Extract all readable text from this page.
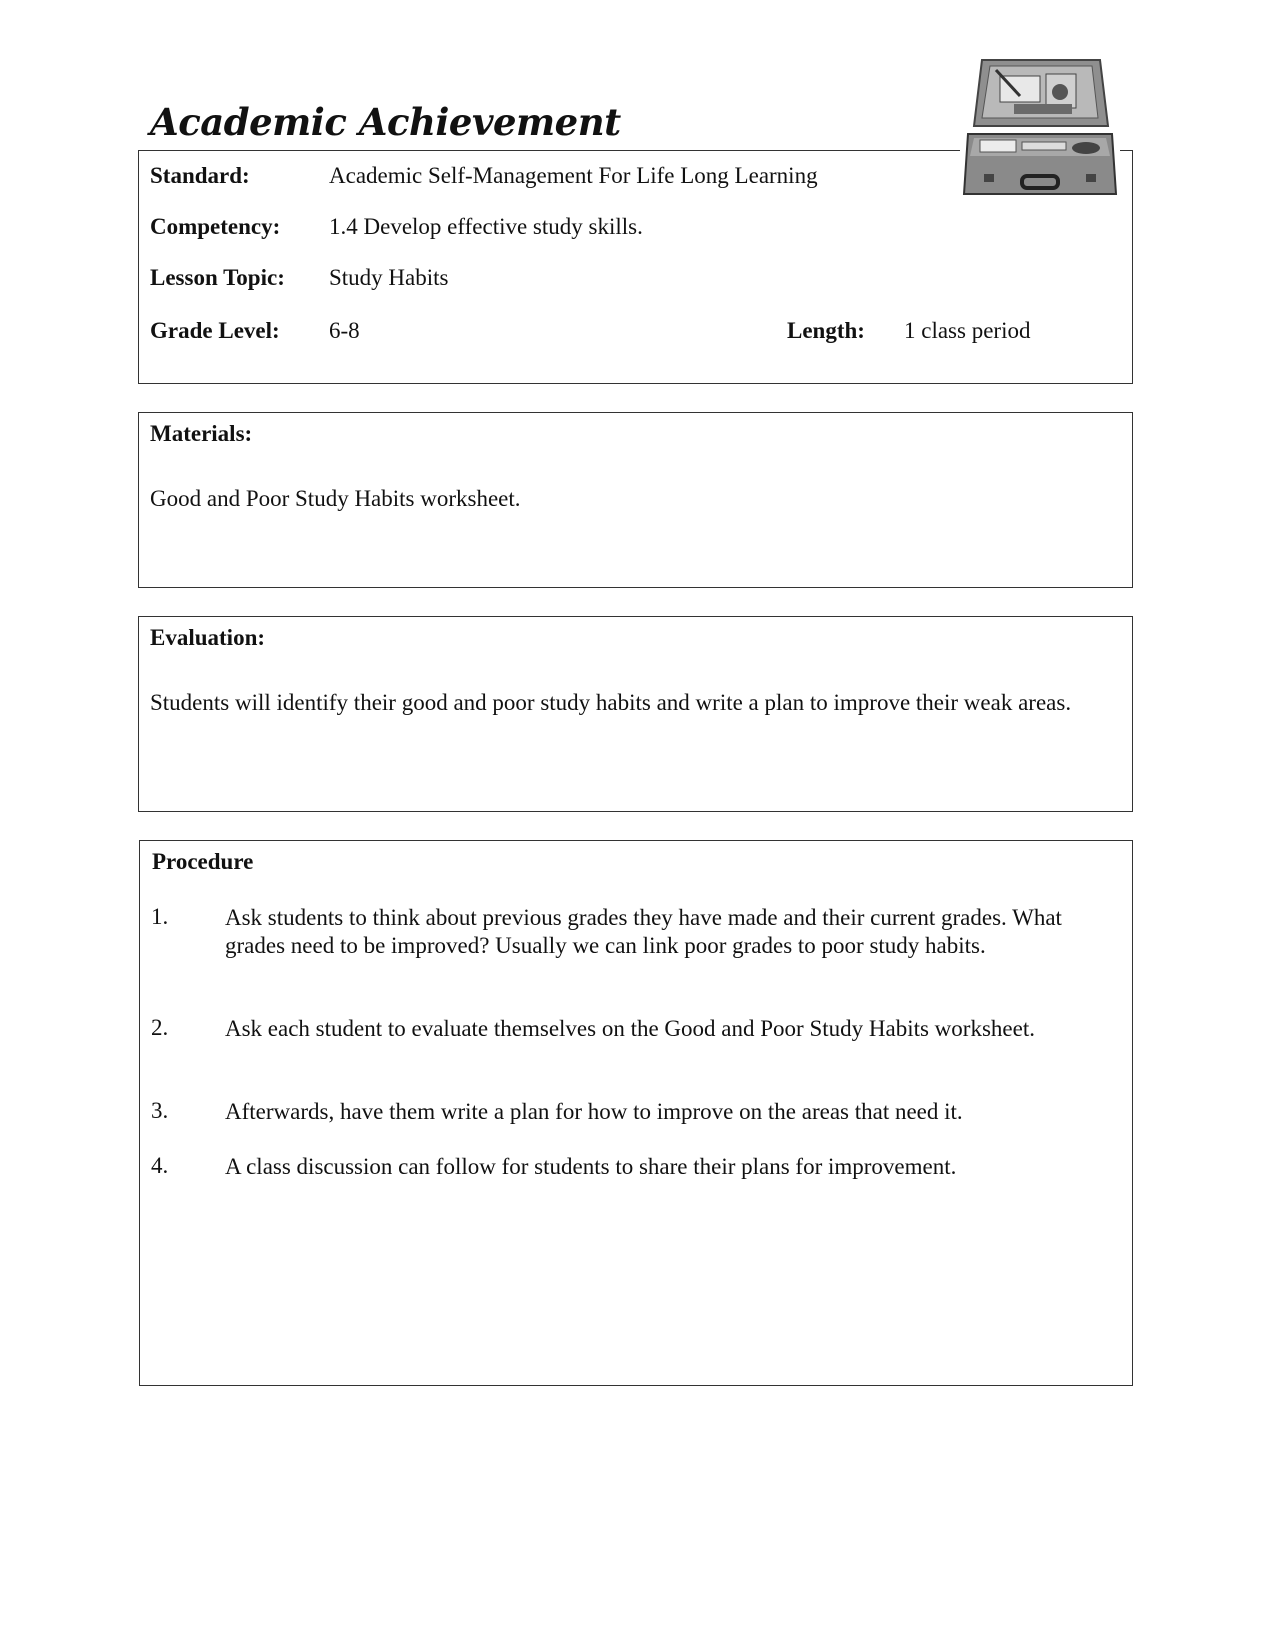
Academic Achievement
Standard:	Academic Self-Management For Life Long Learning
Competency: 1.4 Develop effective study skills.
Lesson Topic: Study Habits
Grade Level: 6-8	Length: 1 class period
Materials:
Good and Poor Study Habits worksheet.
Evaluation:
Students will identify their good and poor study habits and write a plan to improve their weak areas.
Procedure
1. Ask students to think about previous grades they have made and their current grades. What grades need to be improved? Usually we can link poor grades to poor study habits.
2. Ask each student to evaluate themselves on the Good and Poor Study Habits worksheet.
3. Afterwards, have them write a plan for how to improve on the areas that need it.
4. A class discussion can follow for students to share their plans for improvement.
